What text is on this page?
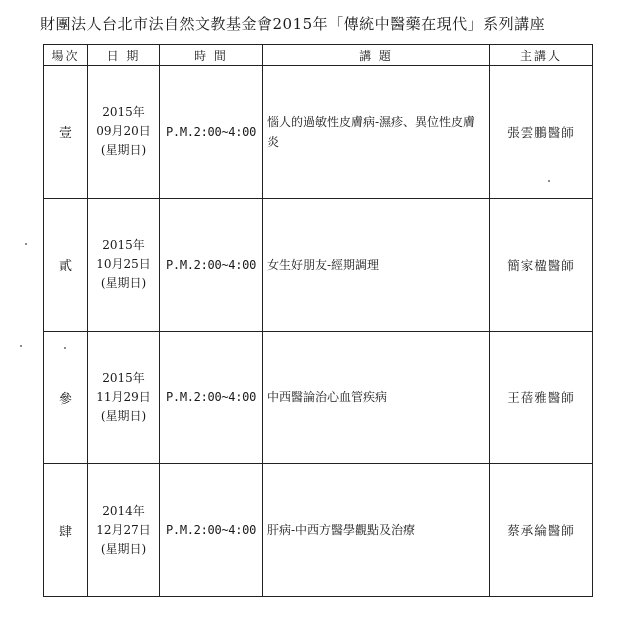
財團法人台北市法自然文教基金會2015年「傳統中醫藥在現代」系列講座
場次	日 期	時 間	講 題	主講人
壹	2015年
09月20日
(星期日)	P.M.2:00~4:00	惱人的過敏性皮膚病-濕疹、異位性皮膚炎	張雲鵬醫師
貳	2015年
10月25日
(星期日)	P.M.2:00~4:00	女生好朋友-經期調理	簡家楹醫師
參	2015年
11月29日
(星期日)	P.M.2:00~4:00	中西醫論治心血管疾病	王蓓雅醫師
肆	2014年
12月27日
(星期日)	P.M.2:00~4:00	肝病-中西方醫學觀點及治療	蔡承綸醫師
